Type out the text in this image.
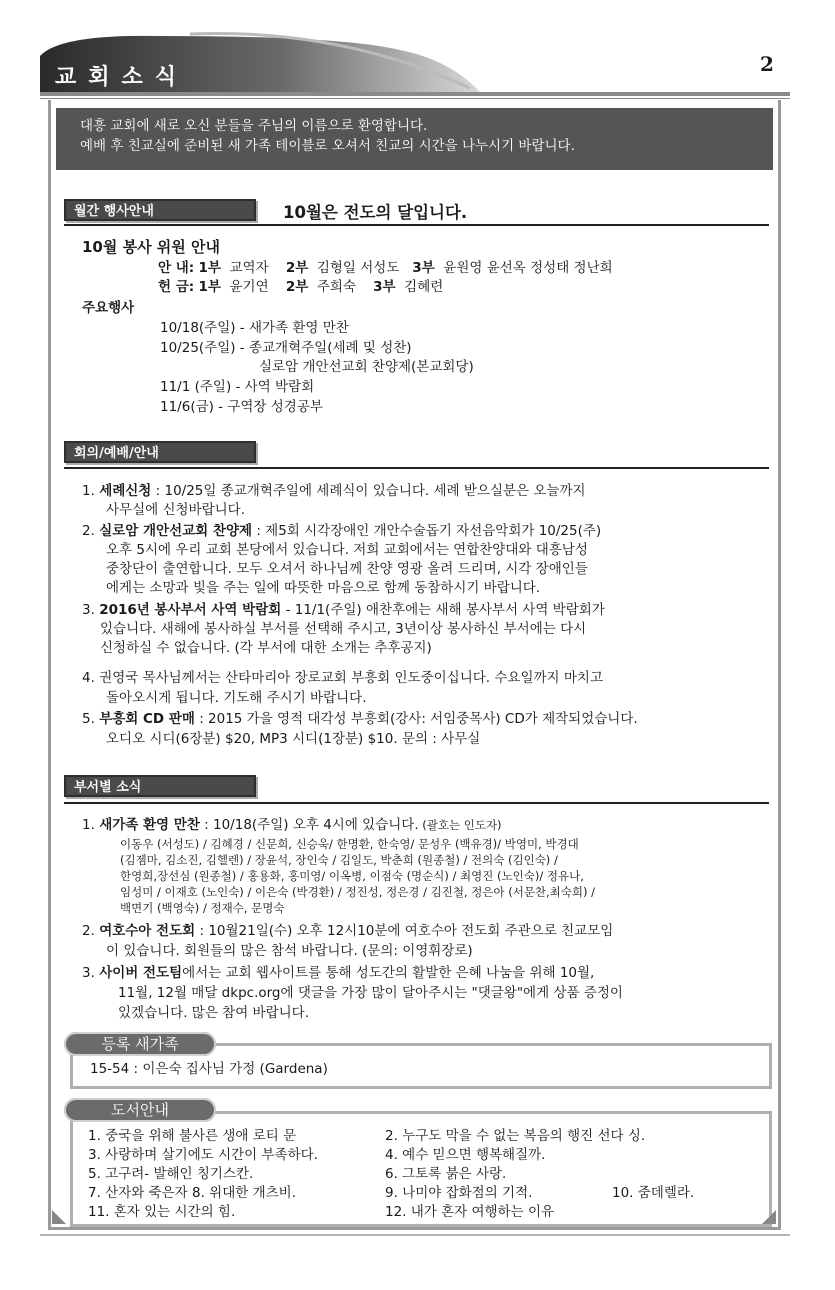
교회소식	2
대흥 교회에 새로 오신 분들을 주님의 이름으로 환영합니다.
예배 후 친교실에 준비된 새 가족 테이블로 오셔서 친교의 시간을 나누시기 바랍니다.
월간 행사안내	10월은 전도의 달입니다.
10월 봉사 위원 안내
안 내: 1부 교역자 2부 김형일 서성도 3부 윤원영 윤선옥 정성태 정난희
헌 금: 1부 윤기연 2부 주희숙 3부 김혜련
주요행사
10/18(주일) - 새가족 환영 만찬
10/25(주일) - 종교개혁주일(세례 및 성찬)
실로암 개안선교회 찬양제(본교회당)
11/1 (주일) - 사역 박람회
11/6(금) - 구역장 성경공부
회의/예배/안내
1. 세례신청 : 10/25일 종교개혁주일에 세례식이 있습니다. 세례 받으실분은 오늘까지
사무실에 신청바랍니다.
2. 실로암 개안선교회 찬양제 : 제5회 시각장애인 개안수술돕기 자선음악회가 10/25(주)
오후 5시에 우리 교회 본당에서 있습니다. 저희 교회에서는 연합찬양대와 대흥남성
중창단이 출연합니다. 모두 오셔서 하나님께 찬양 영광 올려 드리며, 시각 장애인들
에게는 소망과 빛을 주는 일에 따뜻한 마음으로 함께 동참하시기 바랍니다.
3. 2016년 봉사부서 사역 박람회 - 11/1(주일) 애찬후에는 새해 봉사부서 사역 박람회가
있습니다. 새해에 봉사하실 부서를 선택해 주시고, 3년이상 봉사하신 부서에는 다시
신청하실 수 없습니다. (각 부서에 대한 소개는 추후공지)
4. 권영국 목사님께서는 산타마리아 장로교회 부흥회 인도중이십니다. 수요일까지 마치고
돌아오시게 됩니다. 기도해 주시기 바랍니다.
5. 부흥회 CD 판매 : 2015 가을 영적 대각성 부흥회(강사: 서임중목사) CD가 제작되었습니다.
오디오 시디(6장분) $20, MP3 시디(1장분) $10. 문의 : 사무실
부서별 소식
1. 새가족 환영 만찬 : 10/18(주일) 오후 4시에 있습니다. (괄호는 인도자)
이동우 (서성도) / 김혜경 / 신문희, 신승욱/ 한명환, 한숙영/ 문성우 (백유경)/ 박영미, 박경대
(김젬마, 김소진, 김헬렌) / 장윤석, 장인숙 / 김일도, 박춘희 (원종철) / 전의숙 (김인숙) /
한영희,장선심 (원종철) / 홍용화, 홍미영/ 이옥병, 이점숙 (명순식) / 최영진 (노인숙)/ 정유나,
임성미 / 이재호 (노인숙) / 이은숙 (박경환) / 정진성, 정은경 / 김진철, 정은아 (서문찬,최숙희) /
백면기 (백영숙) / 정재수, 문명숙
2. 여호수아 전도회 : 10월21일(수) 오후 12시10분에 여호수아 전도회 주관으로 친교모임
이 있습니다. 회원들의 많은 참석 바랍니다. (문의: 이영휘장로)
3. 사이버 전도팀에서는 교회 웹사이트를 통해 성도간의 활발한 은혜 나눔을 위해 10월,
11월, 12월 매달 dkpc.org에 댓글을 가장 많이 달아주시는 "댓글왕"에게 상품 증정이
있겠습니다. 많은 참여 바랍니다.
등록 새가족
15-54 : 이은숙 집사님 가정 (Gardena)
도서안내
1. 중국을 위해 불사른 생애 로티 문	2. 누구도 막을 수 없는 복음의 행진 선다 싱.
3. 사랑하며 살기에도 시간이 부족하다.	4. 예수 믿으면 행복해질까.
5. 고구려- 발해인 칭기스칸.	6. 그토록 붉은 사랑.
7. 산자와 죽은자 8. 위대한 개츠비.	9. 나미야 잡화점의 기적.	10. 줌데렐라.
11. 혼자 있는 시간의 힘.	12. 내가 혼자 여행하는 이유
